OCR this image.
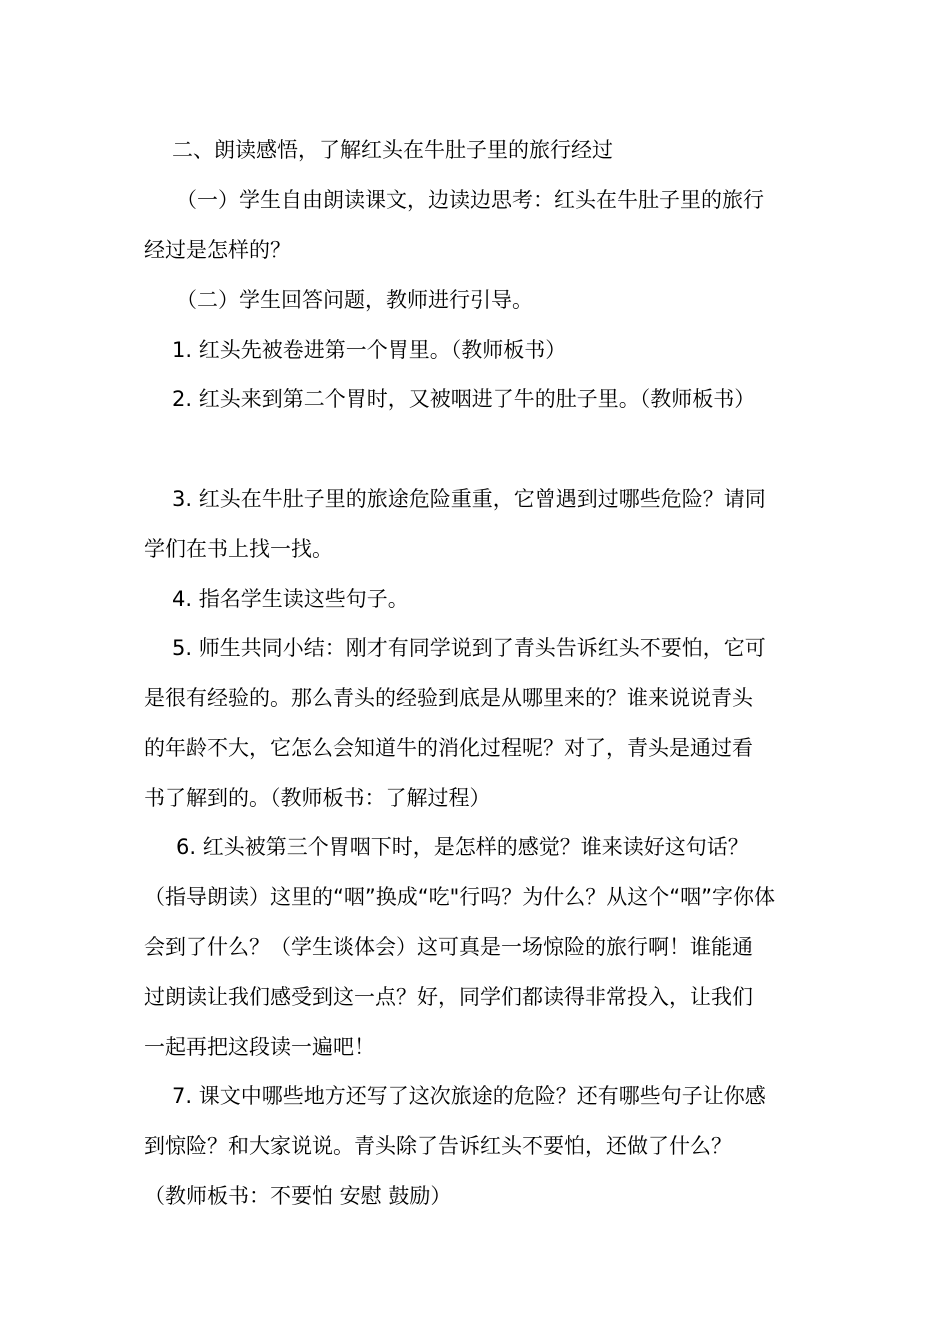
二、朗读感悟，了解红头在牛肚子里的旅行经过
（一）学生自由朗读课文，边读边思考：红头在牛肚子里的旅行
经过是怎样的？
（二）学生回答问题，教师进行引导。
1. 红头先被卷进第一个胃里。（教师板书）
2. 红头来到第二个胃时，又被咽进了牛的肚子里。（教师板书）
3. 红头在牛肚子里的旅途危险重重，它曾遇到过哪些危险？请同
学们在书上找一找。
4. 指名学生读这些句子。
5. 师生共同小结：刚才有同学说到了青头告诉红头不要怕，它可
是很有经验的。那么青头的经验到底是从哪里来的？谁来说说青头
的年龄不大，它怎么会知道牛的消化过程呢？对了，青头是通过看
书了解到的。（教师板书：了解过程）
6. 红头被第三个胃咽下时，是怎样的感觉？谁来读好这句话？
（指导朗读）这里的“咽”换成“吃"行吗？为什么？从这个“咽”字你体
会到了什么？（学生谈体会）这可真是一场惊险的旅行啊！谁能通
过朗读让我们感受到这一点？好，同学们都读得非常投入，让我们
一起再把这段读一遍吧！
7. 课文中哪些地方还写了这次旅途的危险？还有哪些句子让你感
到惊险？和大家说说。青头除了告诉红头不要怕，还做了什么？
（教师板书：不要怕 安慰 鼓励）
